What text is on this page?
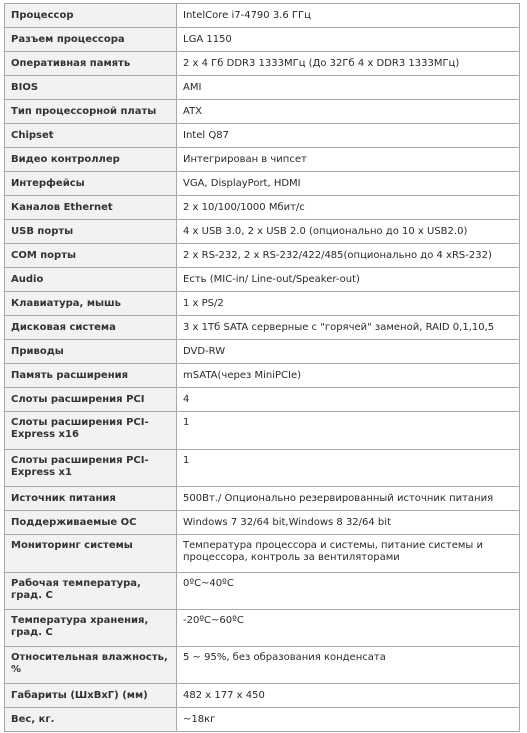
Процессор	IntelCore i7-4790 3.6 ГГц
Разъем процессора	LGA 1150
Оперативная память	2 x 4 Гб DDR3 1333МГц (До 32Гб 4 x DDR3 1333МГц)
BIOS	AMI
Тип процессорной платы	ATX
Chipset	Intel Q87
Видео контроллер	Интегрирован в чипсет
Интерфейсы	VGA, DisplayPort, HDMI
Каналов Ethernet	2 x 10/100/1000 Мбит/с
USB порты	4 x USB 3.0, 2 x USB 2.0 (опционально до 10 x USB2.0)
COM порты	2 x RS-232, 2 x RS-232/422/485(опционально до 4 xRS-232)
Audio	Есть (MIC-in/ Line-out/Speaker-out)
Клавиатура, мышь	1 x PS/2
Дисковая система	3 x 1Тб SATA серверные с "горячей" заменой, RAID 0,1,10,5
Приводы	DVD-RW
Память расширения	mSATA(через MiniPCIe)
Слоты расширения PCI	4
Слоты расширения PCI-Express x16	1
Слоты расширения PCI-Express x1	1
Источник питания	500Вт./ Опционально резервированный источник питания
Поддерживаемые ОС	Windows 7 32/64 bit,Windows 8 32/64 bit
Мониторинг системы	Температура процессора и системы, питание системы и процессора, контроль за вентиляторами
Рабочая температура, град. С	0ºC~40ºC
Температура хранения, град. С	-20ºC~60ºC
Относительная влажность, %	5 ~ 95%, без образования конденсата
Габариты (ШxВxГ) (мм)	482 x 177 x 450
Вес, кг.	~18кг
